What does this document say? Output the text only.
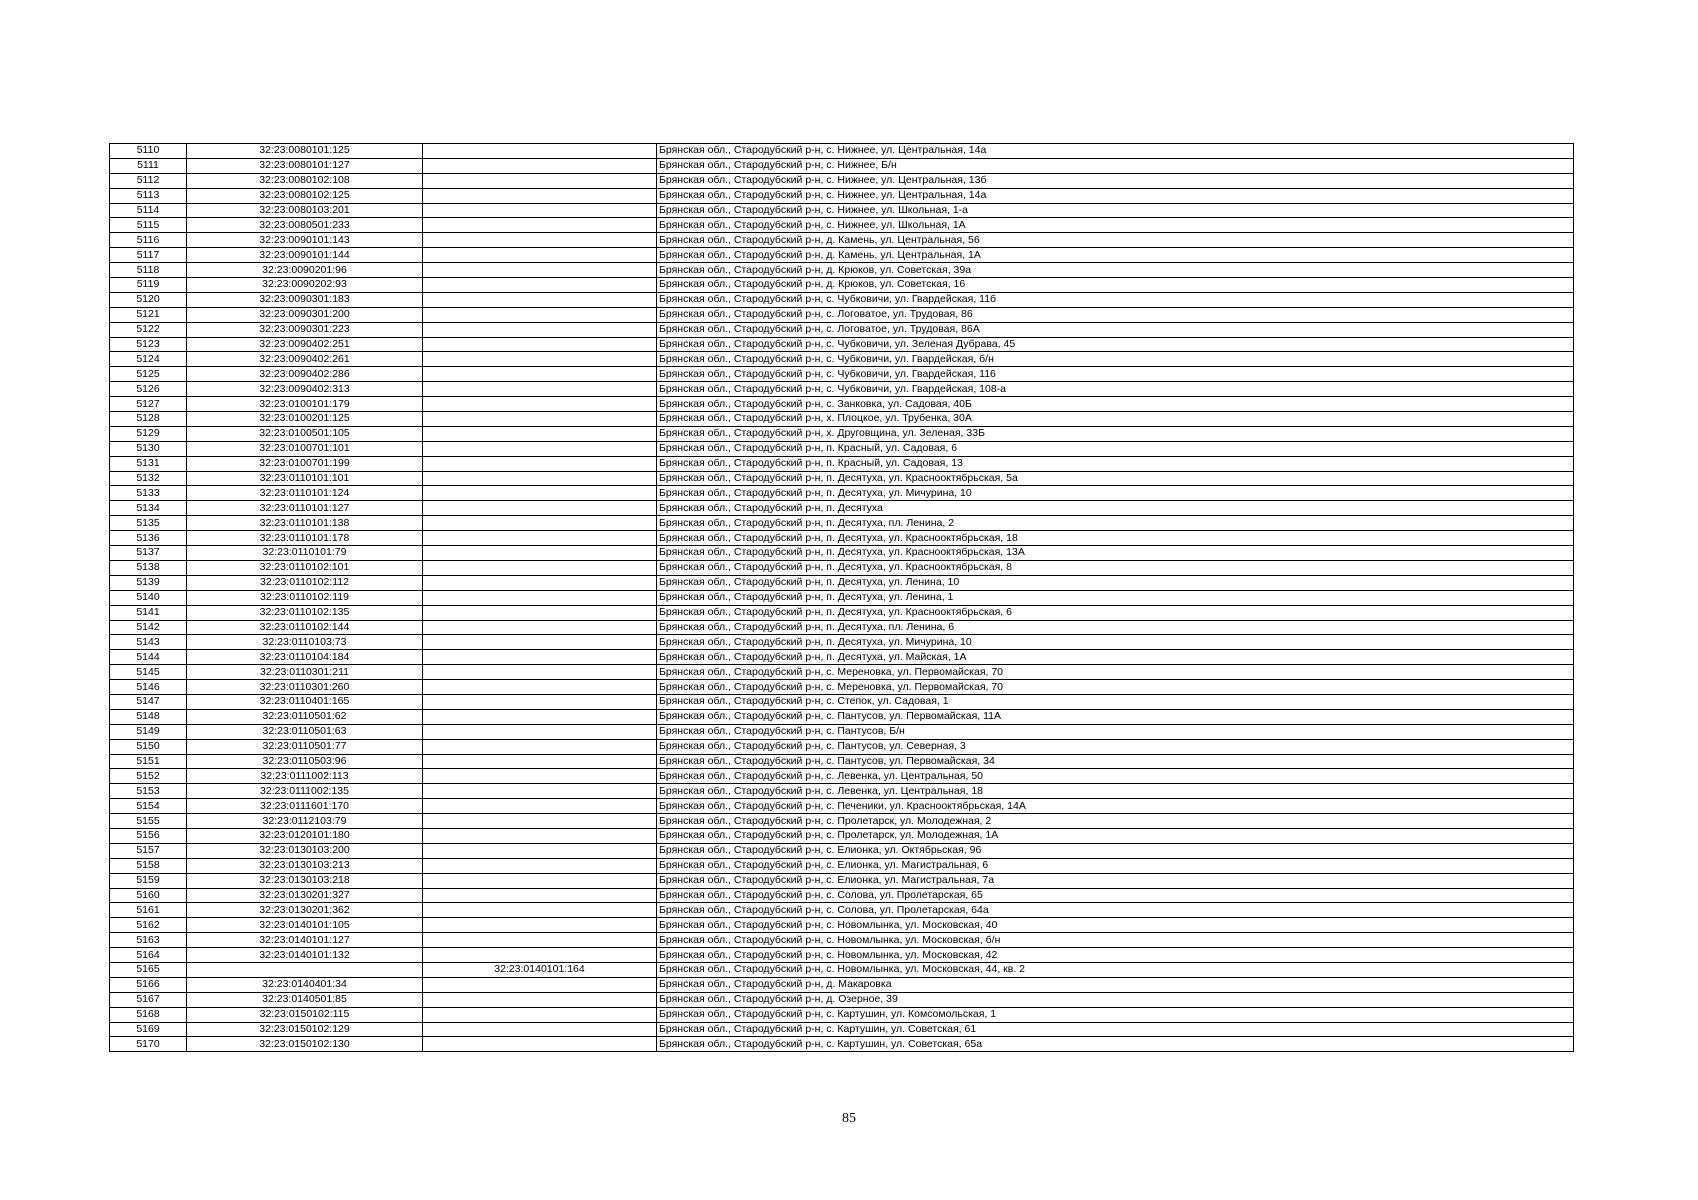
5110	32:23:0080101:125		Брянская обл., Стародубский р-н, с. Нижнее, ул. Центральная, 14а
5111	32:23:0080101:127		Брянская обл., Стародубский р-н, с. Нижнее, Б/н
5112	32:23:0080102:108		Брянская обл., Стародубский р-н, с. Нижнее, ул. Центральная, 13б
5113	32:23:0080102:125		Брянская обл., Стародубский р-н, с. Нижнее, ул. Центральная, 14а
5114	32:23:0080103:201		Брянская обл., Стародубский р-н, с. Нижнее, ул. Школьная, 1-а
5115	32:23:0080501:233		Брянская обл., Стародубский р-н, с. Нижнее, ул. Школьная, 1А
5116	32:23:0090101:143		Брянская обл., Стародубский р-н, д. Камень, ул. Центральная, 56
5117	32:23:0090101:144		Брянская обл., Стародубский р-н, д. Камень, ул. Центральная, 1А
5118	32:23:0090201:96		Брянская обл., Стародубский р-н, д. Крюков, ул. Советская, 39а
5119	32:23:0090202:93		Брянская обл., Стародубский р-н, д. Крюков, ул. Советская, 16
5120	32:23:0090301:183		Брянская обл., Стародубский р-н, с. Чубковичи, ул. Гвардейская, 11б
5121	32:23:0090301:200		Брянская обл., Стародубский р-н, с. Логоватое, ул. Трудовая, 86
5122	32:23:0090301:223		Брянская обл., Стародубский р-н, с. Логоватое, ул. Трудовая, 86А
5123	32:23:0090402:251		Брянская обл., Стародубский р-н, с. Чубковичи, ул. Зеленая Дубрава, 45
5124	32:23:0090402:261		Брянская обл., Стародубский р-н, с. Чубковичи, ул. Гвардейская, б/н
5125	32:23:0090402:286		Брянская обл., Стародубский р-н, с. Чубковичи, ул. Гвардейская, 116
5126	32:23:0090402:313		Брянская обл., Стародубский р-н, с. Чубковичи, ул. Гвардейская, 108-а
5127	32:23:0100101:179		Брянская обл., Стародубский р-н, с. Занковка, ул. Садовая, 40Б
5128	32:23:0100201:125		Брянская обл., Стародубский р-н, х. Плоцкое, ул. Трубенка, 30А
5129	32:23:0100501:105		Брянская обл., Стародубский р-н, х. Друговщина, ул. Зеленая, 33Б
5130	32:23:0100701:101		Брянская обл., Стародубский р-н, п. Красный, ул. Садовая, 6
5131	32:23:0100701:199		Брянская обл., Стародубский р-н, п. Красный, ул. Садовая, 13
5132	32:23:0110101:101		Брянская обл., Стародубский р-н, п. Десятуха, ул. Краснооктябрьская, 5а
5133	32:23:0110101:124		Брянская обл., Стародубский р-н, п. Десятуха, ул. Мичурина, 10
5134	32:23:0110101:127		Брянская обл., Стародубский р-н, п. Десятуха
5135	32:23:0110101:138		Брянская обл., Стародубский р-н, п. Десятуха, пл. Ленина, 2
5136	32:23:0110101:178		Брянская обл., Стародубский р-н, п. Десятуха, ул. Краснооктябрьская, 18
5137	32:23:0110101:79		Брянская обл., Стародубский р-н, п. Десятуха, ул. Краснооктябрьская, 13А
5138	32:23:0110102:101		Брянская обл., Стародубский р-н, п. Десятуха, ул. Краснооктябрьская, 8
5139	32:23:0110102:112		Брянская обл., Стародубский р-н, п. Десятуха, ул. Ленина, 10
5140	32:23:0110102:119		Брянская обл., Стародубский р-н, п. Десятуха, ул. Ленина, 1
5141	32:23:0110102:135		Брянская обл., Стародубский р-н, п. Десятуха, ул. Краснооктябрьская, 6
5142	32:23:0110102:144		Брянская обл., Стародубский р-н, п. Десятуха, пл. Ленина, 6
5143	32:23:0110103:73		Брянская обл., Стародубский р-н, п. Десятуха, ул. Мичурина, 10
5144	32:23:0110104:184		Брянская обл., Стародубский р-н, п. Десятуха, ул. Майская, 1А
5145	32:23:0110301:211		Брянская обл., Стародубский р-н, с. Мереновка, ул. Первомайская, 70
5146	32:23:0110301:260		Брянская обл., Стародубский р-н, с. Мереновка, ул. Первомайская, 70
5147	32:23:0110401:165		Брянская обл., Стародубский р-н, с. Степок, ул. Садовая, 1
5148	32:23:0110501:62		Брянская обл., Стародубский р-н, с. Пантусов, ул. Первомайская, 11А
5149	32:23:0110501:63		Брянская обл., Стародубский р-н, с. Пантусов, Б/н
5150	32:23:0110501:77		Брянская обл., Стародубский р-н, с. Пантусов, ул. Северная, 3
5151	32:23:0110503:96		Брянская обл., Стародубский р-н, с. Пантусов, ул. Первомайская, 34
5152	32:23:0111002:113		Брянская обл., Стародубский р-н, с. Левенка, ул. Центральная, 50
5153	32:23:0111002:135		Брянская обл., Стародубский р-н, с. Левенка, ул. Центральная, 18
5154	32:23:0111601:170		Брянская обл., Стародубский р-н, с. Печеники, ул. Краснооктябрьская, 14А
5155	32:23:0112103:79		Брянская обл., Стародубский р-н, с. Пролетарск, ул. Молодежная, 2
5156	32:23:0120101:180		Брянская обл., Стародубский р-н, с. Пролетарск, ул. Молодежная, 1А
5157	32:23:0130103:200		Брянская обл., Стародубский р-н, с. Елионка, ул. Октябрьская, 96
5158	32:23:0130103:213		Брянская обл., Стародубский р-н, с. Елионка, ул. Магистральная, 6
5159	32:23:0130103:218		Брянская обл., Стародубский р-н, с. Елионка, ул. Магистральная, 7а
5160	32:23:0130201:327		Брянская обл., Стародубский р-н, с. Солова, ул. Пролетарская, 65
5161	32:23:0130201:362		Брянская обл., Стародубский р-н, с. Солова, ул. Пролетарская, 64а
5162	32:23:0140101:105		Брянская обл., Стародубский р-н, с. Новомлынка, ул. Московская, 40
5163	32:23:0140101:127		Брянская обл., Стародубский р-н, с. Новомлынка, ул. Московская, б/н
5164	32:23:0140101:132		Брянская обл., Стародубский р-н, с. Новомлынка, ул. Московская, 42
5165		32:23:0140101:164	Брянская обл., Стародубский р-н, с. Новомлынка, ул. Московская, 44, кв. 2
5166	32:23:0140401:34		Брянская обл., Стародубский р-н, д. Макаровка
5167	32:23:0140501:85		Брянская обл., Стародубский р-н, д. Озерное, 39
5168	32:23:0150102:115		Брянская обл., Стародубский р-н, с. Картушин, ул. Комсомольская, 1
5169	32:23:0150102:129		Брянская обл., Стародубский р-н, с. Картушин, ул. Советская, 61
5170	32:23:0150102:130		Брянская обл., Стародубский р-н, с. Картушин, ул. Советская, 65а
85
